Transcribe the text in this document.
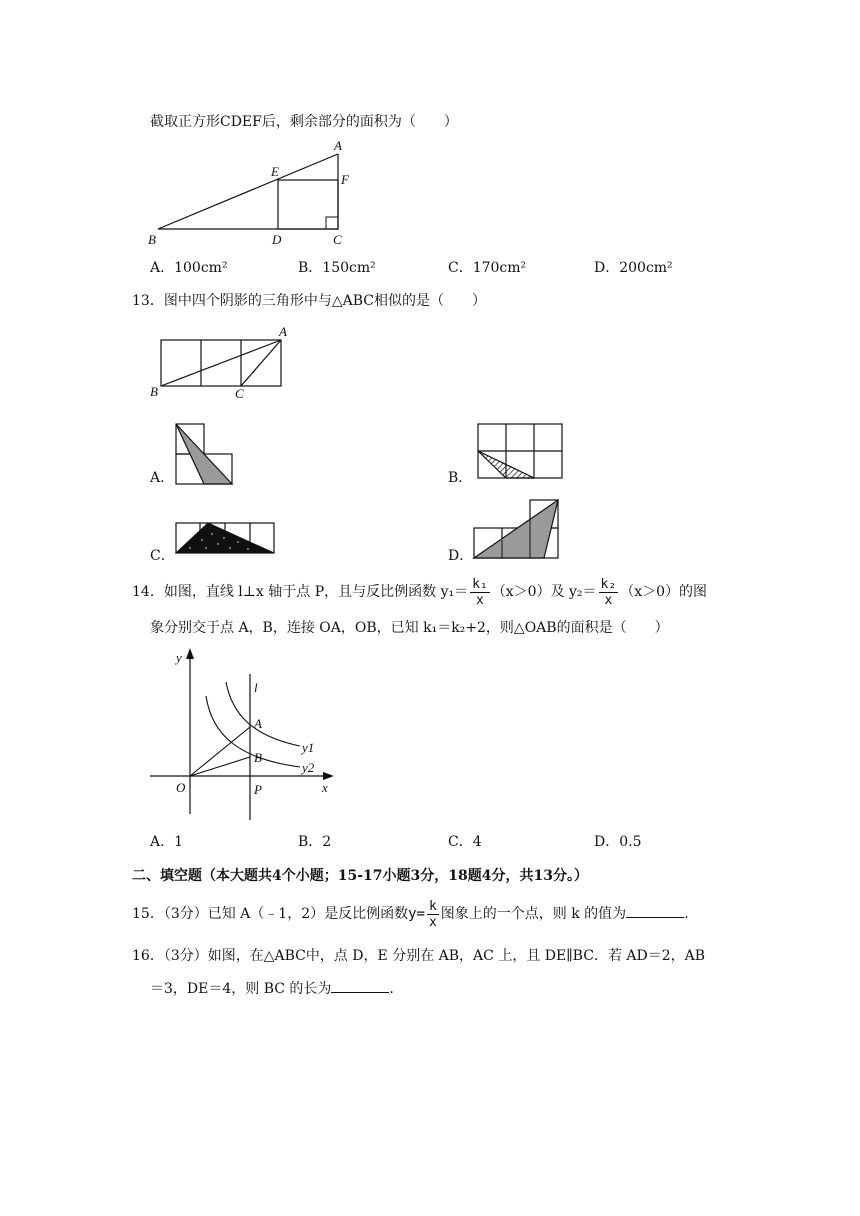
截取正方形CDEF后，剩余部分的面积为（　　）
A
E
F
B	D	C
A．100cm²	B．150cm²	C．170cm²	D．200cm²
13．图中四个阴影的三角形中与△ABC相似的是（　　）
A
B	C
A．	B．
C．	D．
14．如图，直线 l⊥x 轴于点 P，且与反比例函数 $y_1= \frac{\text{k₁}}{x} (x>0)$及 $y_2= \frac{\text{k₂}}{x} (x>0)$的图
象分别交于点 A，B，连接 OA，OB，已知 k₁＝k₂+2，则△OAB的面积是（　　）
y
l
A
B
y1
y2
O	P	x
A．1	B．2	C．4	D．0.5
二、填空题（本大题共4个小题；15-17小题3分，18题4分，共13分。）
15．（3分）已知 A（﹣1，2）是反比例函数$y= \frac{k}{x}$ 图象上的一个点，则 k 的值为	.
16．（3分）如图，在△ABC中，点 D，E 分别在 AB，AC 上，且 DE∥BC．若 AD＝2，AB
＝3，DE＝4，则 BC 的长为	.
